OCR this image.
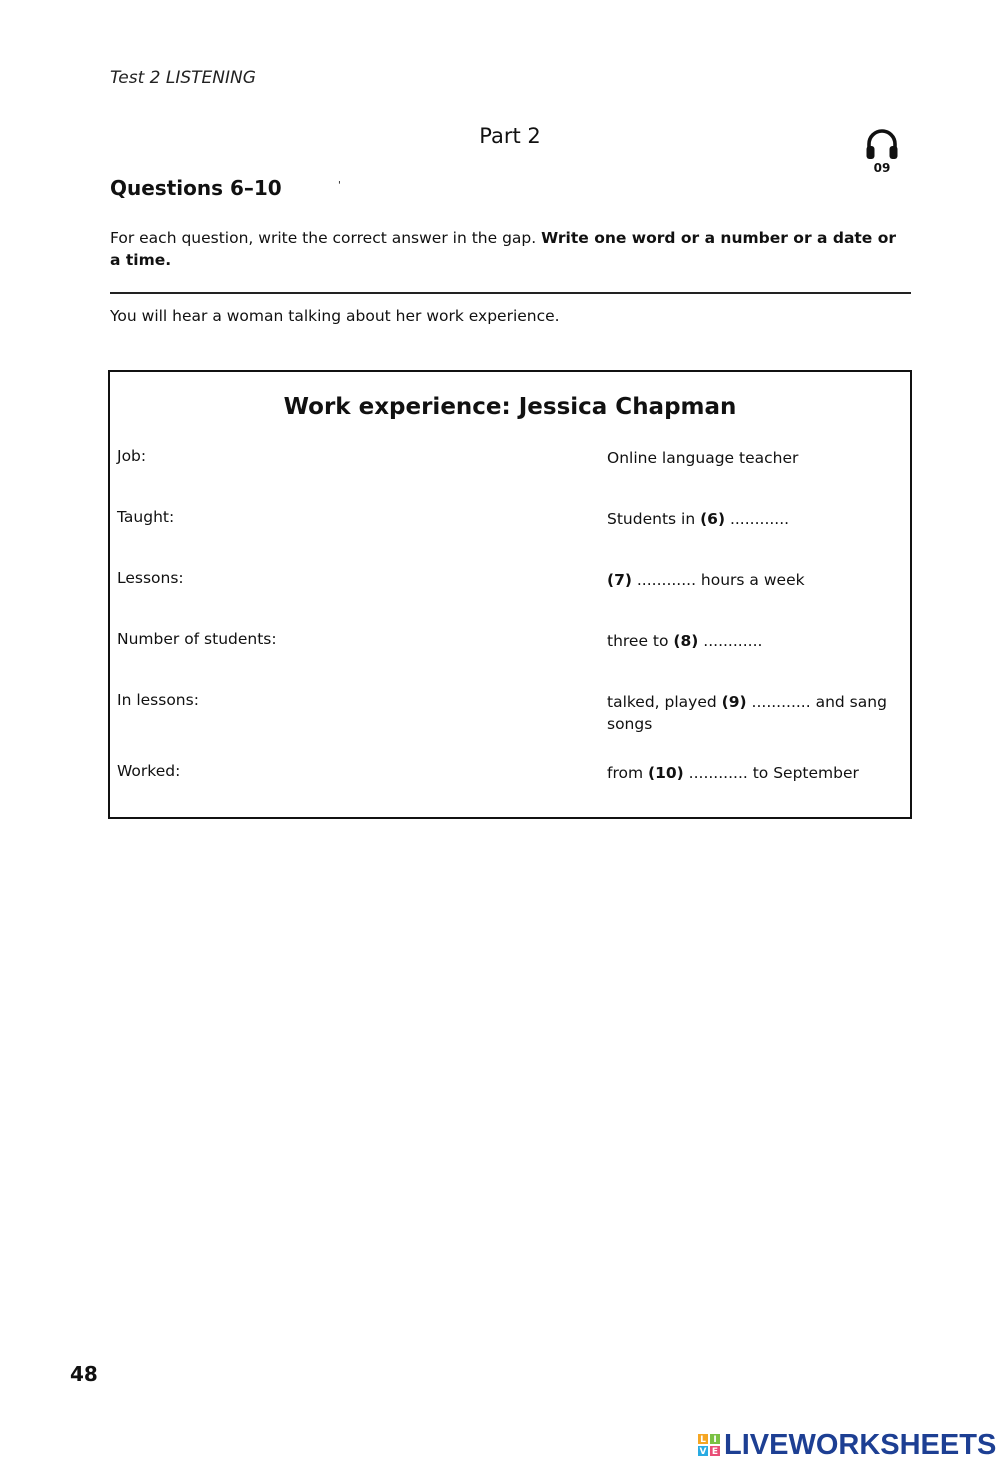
Test 2 LISTENING
Part 2
09
Questions 6–10	'
For each question, write the correct answer in the gap. Write one word or a number or a date or a time.
You will hear a woman talking about her work experience.
Work experience: Jessica Chapman
Job:	Online language teacher
Taught:	Students in (6) ............
Lessons:	(7) ............ hours a week
Number of students:	three to (8) ............
In lessons:	talked, played (9) ............ and sang songs
Worked:	from (10) ............ to September
48
L I
V E LIVEWORKSHEETS
